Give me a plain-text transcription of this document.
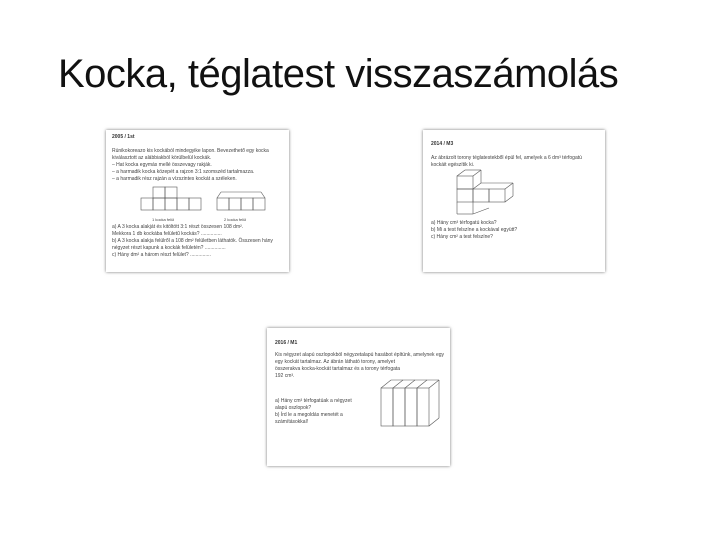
Kocka, téglatest visszaszámolás
2005 / 1st
Rúnikokoreazo kis kockából mindegyike lapon. Bevezethető egy kocka
kiválasztott az alábbiakból körülbelül kockák.
– Hat kocka egymás mellé összevagy rakják.
– a harmadik kocka közepét a rajzon 3:1 szomszéd tartalmazza.
– a harmadik rész rajzán a vízszintes kockát a széleken.
1 kocka felül	2 kocka felül
a) A 3 kocka alakját és kitöltött 3:1 részt összesen 108 dm².
Mekkora 1 db kockába felületű kockás? ...............
b) A 3 kocka alakja felülről a 108 dm² felületben láthatók. Összesen hány
négyzet részt kapunk a kockák felületén? ...............
c) Hány dm² a három részt felület? ...............
2014 / M3
Az ábrázolt torony téglatestekből épül fel, amelyek a 6 dm³ térfogatú
kockáit egészítik ki.
a) Hány cm³ térfogatú kocka?
b) Mi a test felszíne a kockával együtt?
c) Hány cm² a test felszíne?
2016 / M1
Kis négyzet alapú oszlopokból négyzetalapú hasábot építünk, amelynek egy
egy kockát tartalmaz. Az ábrán látható torony, amelyet
összerakva kocka-kockát tartalmaz és a torony térfogata
192 cm³.
a) Hány cm³ térfogatúak a négyzet
alapú oszlopok?
b) Írd le a megoldás menetét a
számításokkal!
